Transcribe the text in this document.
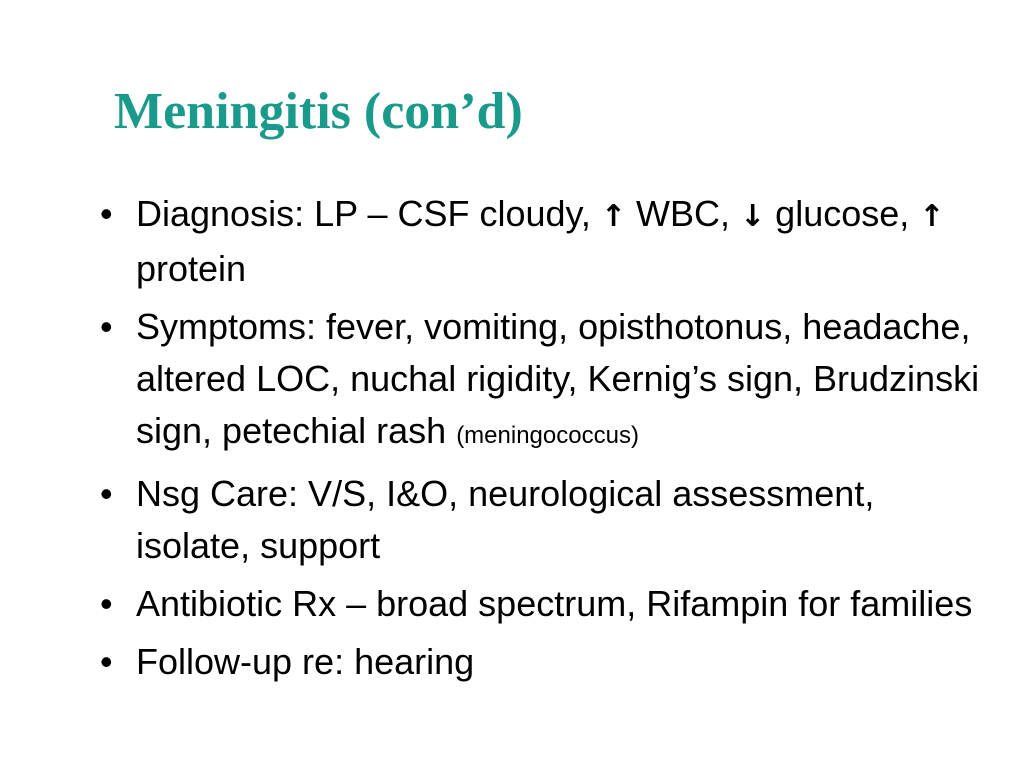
Meningitis (con’d)
• Diagnosis: LP – CSF cloudy, ↑ WBC, ↓ glucose, ↑ protein
• Symptoms: fever, vomiting, opisthotonus, headache, altered LOC, nuchal rigidity, Kernig’s sign, Brudzinski sign, petechial rash (meningococcus)
• Nsg Care: V/S, I&O, neurological assessment, isolate, support
• Antibiotic Rx – broad spectrum, Rifampin for families
• Follow-up re: hearing
